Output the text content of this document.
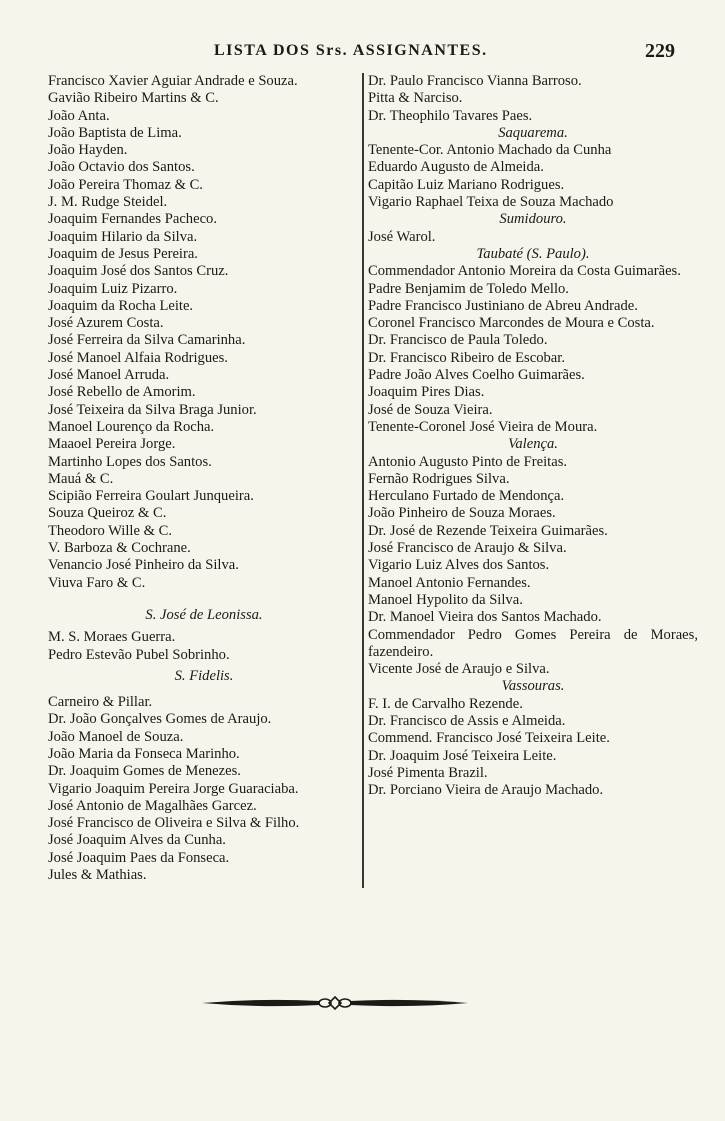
LISTA DOS Srs. ASSIGNANTES.	229
Francisco Xavier Aguiar Andrade e Souza.
Gavião Ribeiro Martins & C.
João Anta.
João Baptista de Lima.
João Hayden.
João Octavio dos Santos.
João Pereira Thomaz & C.
J. M. Rudge Steidel.
Joaquim Fernandes Pacheco.
Joaquim Hilario da Silva.
Joaquim de Jesus Pereira.
Joaquim José dos Santos Cruz.
Joaquim Luiz Pizarro.
Joaquim da Rocha Leite.
José Azurem Costa.
José Ferreira da Silva Camarinha.
José Manoel Alfaia Rodrigues.
José Manoel Arruda.
José Rebello de Amorim.
José Teixeira da Silva Braga Junior.
Manoel Lourenço da Rocha.
Maaoel Pereira Jorge.
Martinho Lopes dos Santos.
Mauá & C.
Scipião Ferreira Goulart Junqueira.
Souza Queiroz & C.
Theodoro Wille & C.
V. Barboza & Cochrane.
Venancio José Pinheiro da Silva.
Viuva Faro & C.
S. José de Leonissa.
M. S. Moraes Guerra.
Pedro Estevão Pubel Sobrinho.
S. Fidelis.
Carneiro & Pillar.
Dr. João Gonçalves Gomes de Araujo.
João Manoel de Souza.
João Maria da Fonseca Marinho.
Dr. Joaquim Gomes de Menezes.
Vigario Joaquim Pereira Jorge Guaraciaba.
José Antonio de Magalhães Garcez.
José Francisco de Oliveira e Silva & Filho.
José Joaquim Alves da Cunha.
José Joaquim Paes da Fonseca.
Jules & Mathias.
Dr. Paulo Francisco Vianna Barroso.
Pitta & Narciso.
Dr. Theophilo Tavares Paes.
Saquarema.
Tenente-Cor. Antonio Machado da Cunha
Eduardo Augusto de Almeida.
Capitão Luiz Mariano Rodrigues.
Vigario Raphael Teixa de Souza Machado
Sumidouro.
José Warol.
Taubaté (S. Paulo).
Commendador Antonio Moreira da Costa Guimarães.
Padre Benjamim de Toledo Mello.
Padre Francisco Justiniano de Abreu Andrade.
Coronel Francisco Marcondes de Moura e Costa.
Dr. Francisco de Paula Toledo.
Dr. Francisco Ribeiro de Escobar.
Padre João Alves Coelho Guimarães.
Joaquim Pires Dias.
José de Souza Vieira.
Tenente-Coronel José Vieira de Moura.
Valença.
Antonio Augusto Pinto de Freitas.
Fernão Rodrigues Silva.
Herculano Furtado de Mendonça.
João Pinheiro de Souza Moraes.
Dr. José de Rezende Teixeira Guimarães.
José Francisco de Araujo & Silva.
Vigario Luiz Alves dos Santos.
Manoel Antonio Fernandes.
Manoel Hypolito da Silva.
Dr. Manoel Vieira dos Santos Machado.
Commendador Pedro Gomes Pereira de Moraes, fazendeiro.
Vicente José de Araujo e Silva.
Vassouras.
F. I. de Carvalho Rezende.
Dr. Francisco de Assis e Almeida.
Commend. Francisco José Teixeira Leite.
Dr. Joaquim José Teixeira Leite.
José Pimenta Brazil.
Dr. Porciano Vieira de Araujo Machado.
